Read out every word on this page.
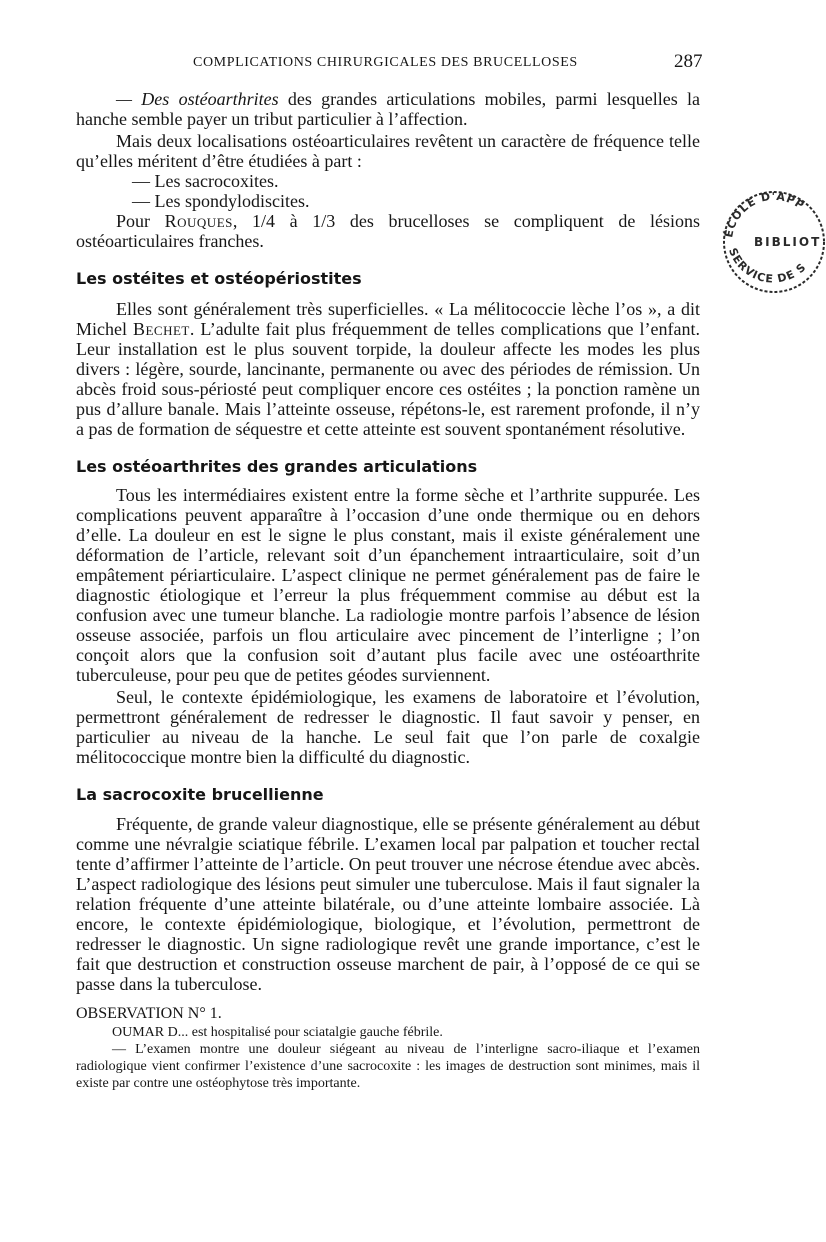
COMPLICATIONS CHIRURGICALES DES BRUCELLOSES	287

— Des ostéoarthrites des grandes articulations mobiles, parmi lesquelles la hanche semble payer un tribut particulier à l’affection.

Mais deux localisations ostéoarticulaires revêtent un caractère de fréquence telle qu’elles méritent d’être étudiées à part :

— Les sacrocoxites.

— Les spondylodiscites.

Pour Rouques, 1/4 à 1/3 des brucelloses se compliquent de lésions ostéoarticulaires franches.

Les ostéites et ostéopériostites

Elles sont généralement très superficielles. « La mélitococcie lèche l’os », a dit Michel Bechet. L’adulte fait plus fréquemment de telles complications que l’enfant. Leur installation est le plus souvent torpide, la douleur affecte les modes les plus divers : légère, sourde, lancinante, permanente ou avec des périodes de rémission. Un abcès froid sous-périosté peut compliquer encore ces ostéites ; la ponction ramène un pus d’allure banale. Mais l’atteinte osseuse, répétons-le, est rarement profonde, il n’y a pas de formation de séquestre et cette atteinte est souvent spontanément résolutive.

Les ostéoarthrites des grandes articulations

Tous les intermédiaires existent entre la forme sèche et l’arthrite suppurée. Les complications peuvent apparaître à l’occasion d’une onde thermique ou en dehors d’elle. La douleur en est le signe le plus constant, mais il existe généralement une déformation de l’article, relevant soit d’un épanchement intraarticulaire, soit d’un empâtement périarticulaire. L’aspect clinique ne permet généralement pas de faire le diagnostic étiologique et l’erreur la plus fréquemment commise au début est la confusion avec une tumeur blanche. La radiologie montre parfois l’absence de lésion osseuse associée, parfois un flou articulaire avec pincement de l’interligne ; l’on conçoit alors que la confusion soit d’autant plus facile avec une ostéoarthrite tuberculeuse, pour peu que de petites géodes surviennent.

Seul, le contexte épidémiologique, les examens de laboratoire et l’évolution, permettront généralement de redresser le diagnostic. Il faut savoir y penser, en particulier au niveau de la hanche. Le seul fait que l’on parle de coxalgie mélitococcique montre bien la difficulté du diagnostic.

La sacrocoxite brucellienne

Fréquente, de grande valeur diagnostique, elle se présente généralement au début comme une névralgie sciatique fébrile. L’examen local par palpation et toucher rectal tente d’affirmer l’atteinte de l’article. On peut trouver une nécrose étendue avec abcès. L’aspect radiologique des lésions peut simuler une tuberculose. Mais il faut signaler la relation fréquente d’une atteinte bilatérale, ou d’une atteinte lombaire associée. Là encore, le contexte épidémiologique, biologique, et l’évolution, permettront de redresser le diagnostic. Un signe radiologique revêt une grande importance, c’est le fait que destruction et construction osseuse marchent de pair, à l’opposé de ce qui se passe dans la tuberculose.

OBSERVATION N° 1.

OUMAR D... est hospitalisé pour sciatalgie gauche fébrile.

— L’examen montre une douleur siégeant au niveau de l’interligne sacro-iliaque et l’examen radiologique vient confirmer l’existence d’une sacrocoxite : les images de destruction sont minimes, mais il existe par contre une ostéophytose très importante.

ÉCOLE D'APP
BIBLIOT
SERVICE DE S
